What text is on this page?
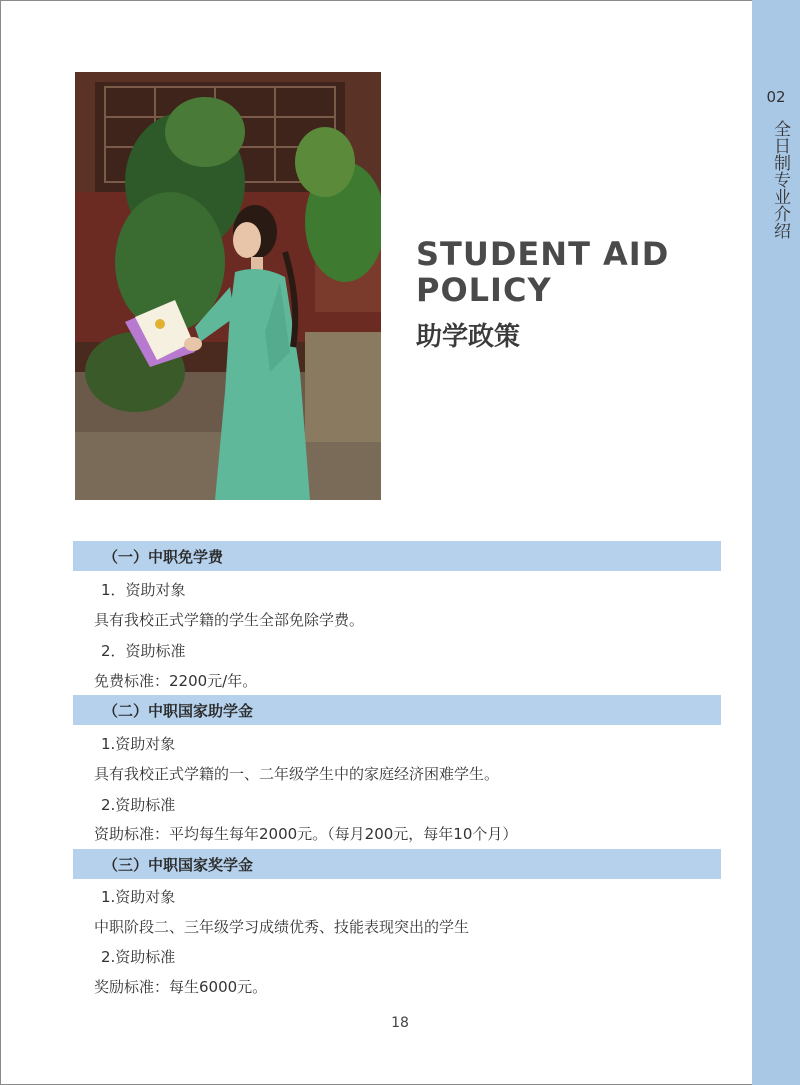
02
全日制专业介绍
STUDENT AID
POLICY
助学政策
（一）中职免学费
1．资助对象
具有我校正式学籍的学生全部免除学费。
2．资助标准
免费标准：2200元/年。
（二）中职国家助学金
1.资助对象
具有我校正式学籍的一、二年级学生中的家庭经济困难学生。
2.资助标准
资助标准：平均每生每年2000元。（每月200元，每年10个月）
（三）中职国家奖学金
1.资助对象
中职阶段二、三年级学习成绩优秀、技能表现突出的学生
2.资助标准
奖励标准：每生6000元。
18
